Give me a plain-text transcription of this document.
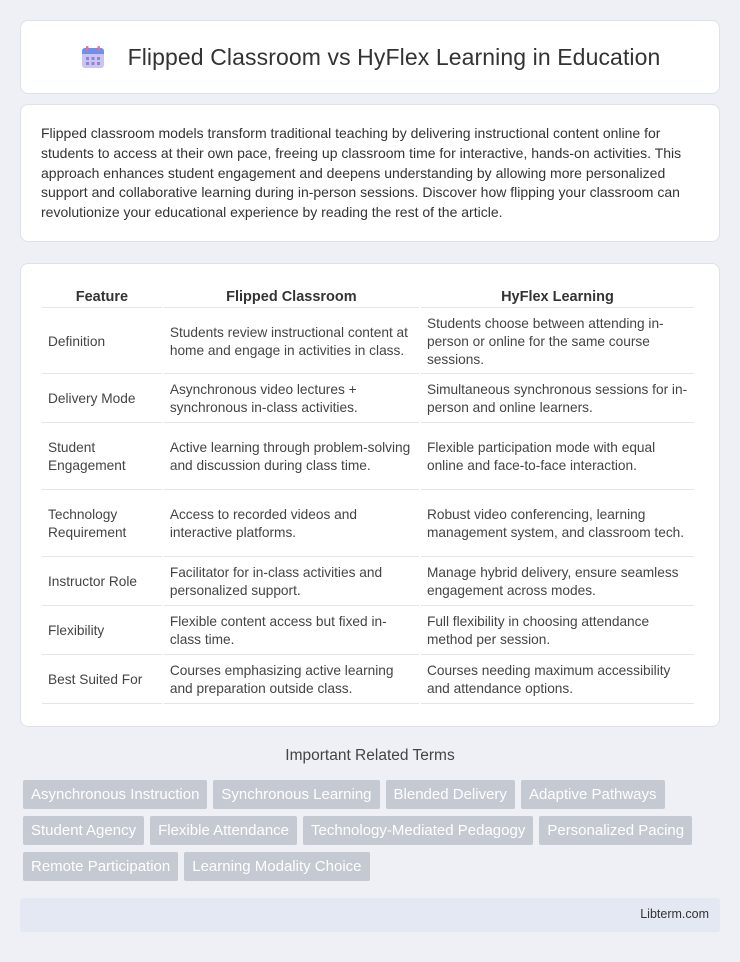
Flipped Classroom vs HyFlex Learning in Education

Flipped classroom models transform traditional teaching by delivering instructional content online for students to access at their own pace, freeing up classroom time for interactive, hands-on activities. This approach enhances student engagement and deepens understanding by allowing more personalized support and collaborative learning during in-person sessions. Discover how flipping your classroom can revolutionize your educational experience by reading the rest of the article.

Feature	Flipped Classroom	HyFlex Learning
Definition	Students review instructional content at home and engage in activities in class.	Students choose between attending in-person or online for the same course sessions.
Delivery Mode	Asynchronous video lectures + synchronous in-class activities.	Simultaneous synchronous sessions for in-person and online learners.
Student Engagement	Active learning through problem-solving and discussion during class time.	Flexible participation mode with equal online and face-to-face interaction.
Technology Requirement	Access to recorded videos and interactive platforms.	Robust video conferencing, learning management system, and classroom tech.
Instructor Role	Facilitator for in-class activities and personalized support.	Manage hybrid delivery, ensure seamless engagement across modes.
Flexibility	Flexible content access but fixed in-class time.	Full flexibility in choosing attendance method per session.
Best Suited For	Courses emphasizing active learning and preparation outside class.	Courses needing maximum accessibility and attendance options.
Important Related Terms
Asynchronous Instruction	Synchronous Learning	Blended Delivery	Adaptive Pathways
Student Agency	Flexible Attendance	Technology-Mediated Pedagogy	Personalized Pacing
Remote Participation	Learning Modality Choice
Libterm.com
